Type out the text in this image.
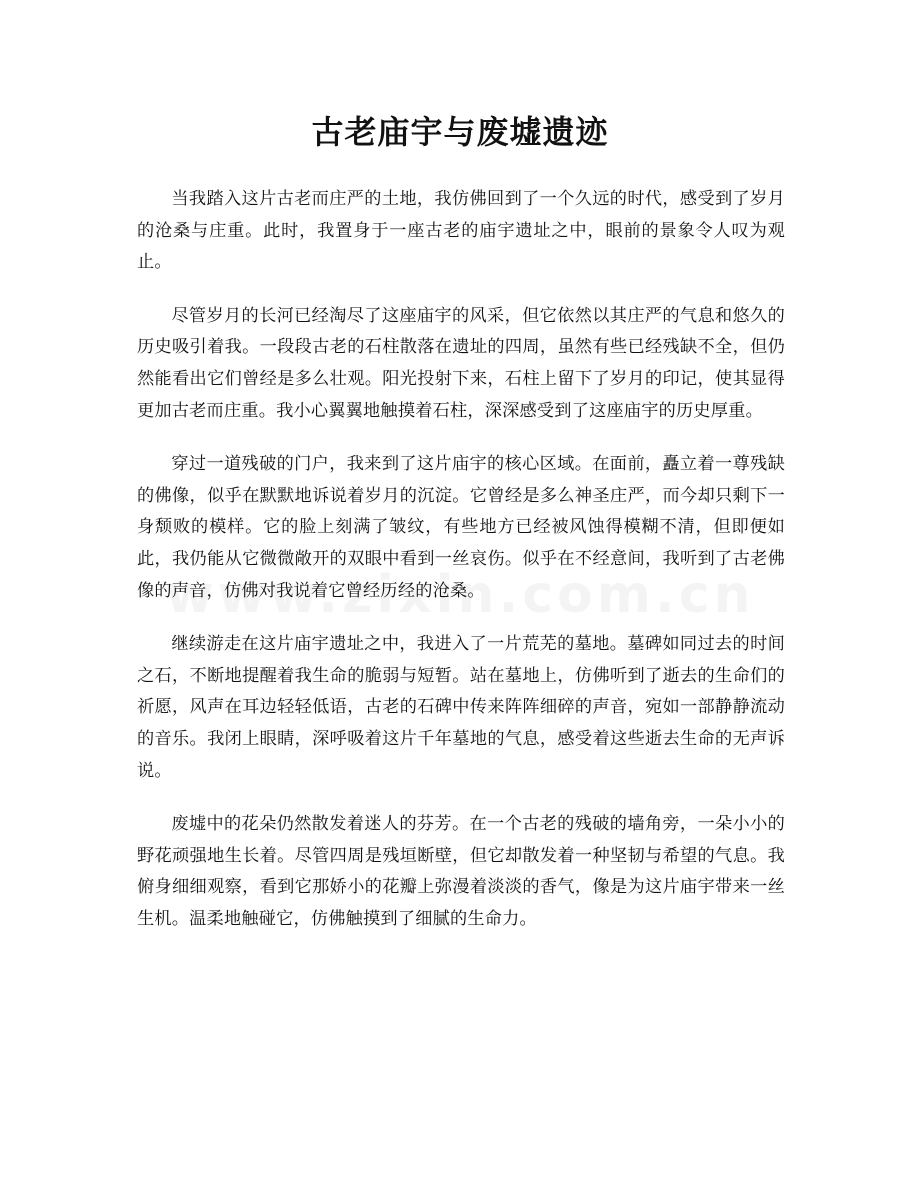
古老庙宇与废墟遗迹

当我踏入这片古老而庄严的土地，我仿佛回到了一个久远的时代，感受到了岁月的沧桑与庄重。此时，我置身于一座古老的庙宇遗址之中，眼前的景象令人叹为观止。

尽管岁月的长河已经淘尽了这座庙宇的风采，但它依然以其庄严的气息和悠久的历史吸引着我。一段段古老的石柱散落在遗址的四周，虽然有些已经残缺不全，但仍然能看出它们曾经是多么壮观。阳光投射下来，石柱上留下了岁月的印记，使其显得更加古老而庄重。我小心翼翼地触摸着石柱，深深感受到了这座庙宇的历史厚重。

穿过一道残破的门户，我来到了这片庙宇的核心区域。在面前，矗立着一尊残缺的佛像，似乎在默默地诉说着岁月的沉淀。它曾经是多么神圣庄严，而今却只剩下一身颓败的模样。它的脸上刻满了皱纹，有些地方已经被风蚀得模糊不清，但即便如此，我仍能从它微微敞开的双眼中看到一丝哀伤。似乎在不经意间，我听到了古老佛像的声音，仿佛对我说着它曾经历经的沧桑。

继续游走在这片庙宇遗址之中，我进入了一片荒芜的墓地。墓碑如同过去的时间之石，不断地提醒着我生命的脆弱与短暂。站在墓地上，仿佛听到了逝去的生命们的祈愿，风声在耳边轻轻低语，古老的石碑中传来阵阵细碎的声音，宛如一部静静流动的音乐。我闭上眼睛，深呼吸着这片千年墓地的气息，感受着这些逝去生命的无声诉说。

废墟中的花朵仍然散发着迷人的芬芳。在一个古老的残破的墙角旁，一朵小小的野花顽强地生长着。尽管四周是残垣断壁，但它却散发着一种坚韧与希望的气息。我俯身细细观察，看到它那娇小的花瓣上弥漫着淡淡的香气，像是为这片庙宇带来一丝生机。温柔地触碰它，仿佛触摸到了细腻的生命力。
